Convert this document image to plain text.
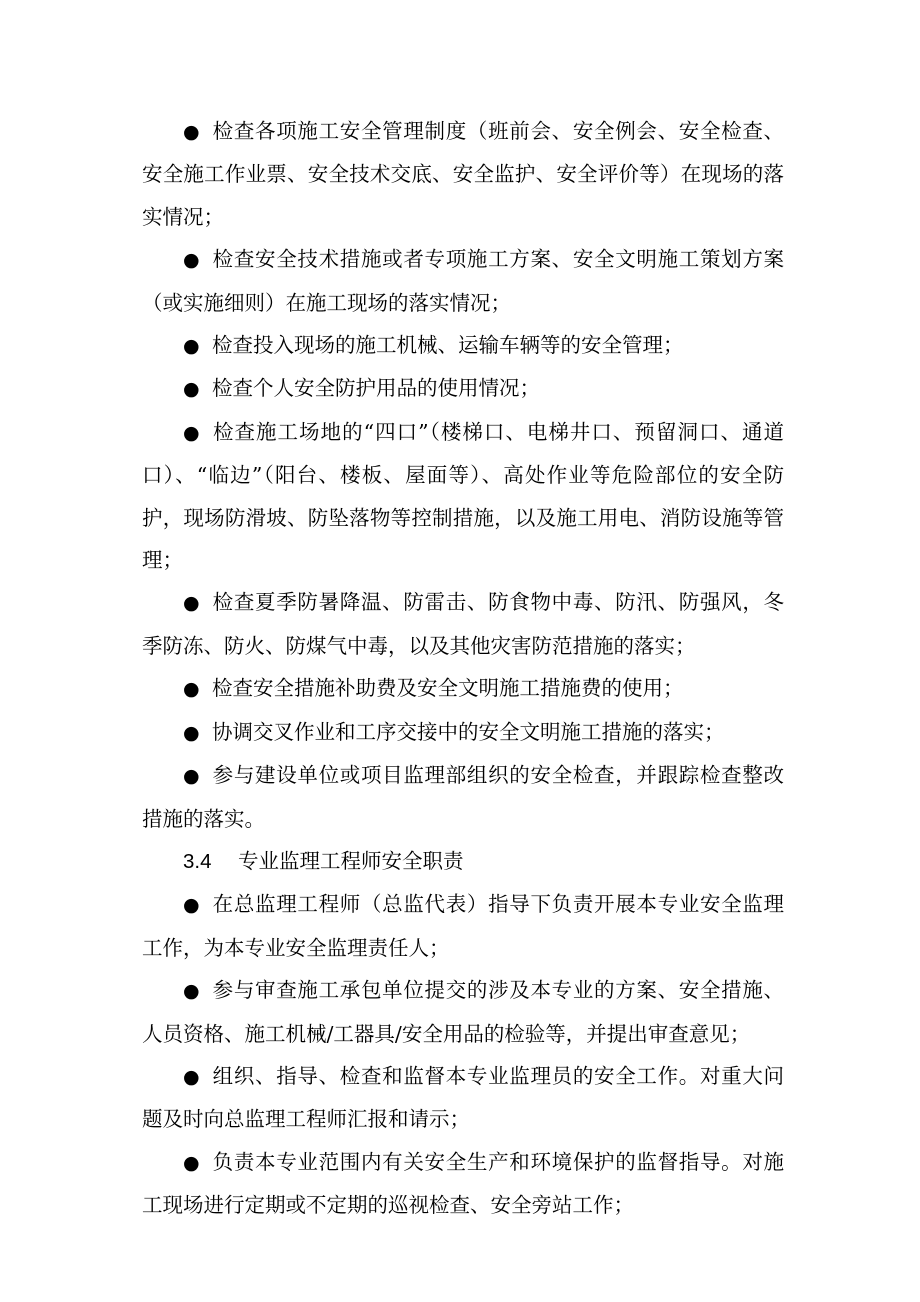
● 检查各项施工安全管理制度（班前会、安全例会、安全检查、安全施工作业票、安全技术交底、安全监护、安全评价等）在现场的落实情况；

● 检查安全技术措施或者专项施工方案、安全文明施工策划方案（或实施细则）在施工现场的落实情况；

● 检查投入现场的施工机械、运输车辆等的安全管理；

● 检查个人安全防护用品的使用情况；

● 检查施工场地的“四口”（楼梯口、电梯井口、预留洞口、通道口）、“临边”（阳台、楼板、屋面等）、高处作业等危险部位的安全防护，现场防滑坡、防坠落物等控制措施，以及施工用电、消防设施等管理；

● 检查夏季防暑降温、防雷击、防食物中毒、防汛、防强风，冬季防冻、防火、防煤气中毒，以及其他灾害防范措施的落实；

● 检查安全措施补助费及安全文明施工措施费的使用；

● 协调交叉作业和工序交接中的安全文明施工措施的落实；

● 参与建设单位或项目监理部组织的安全检查，并跟踪检查整改措施的落实。

3.4 专业监理工程师安全职责

● 在总监理工程师（总监代表）指导下负责开展本专业安全监理工作，为本专业安全监理责任人；

● 参与审查施工承包单位提交的涉及本专业的方案、安全措施、人员资格、施工机械/工器具/安全用品的检验等，并提出审查意见；

● 组织、指导、检查和监督本专业监理员的安全工作。对重大问题及时向总监理工程师汇报和请示；

● 负责本专业范围内有关安全生产和环境保护的监督指导。对施工现场进行定期或不定期的巡视检查、安全旁站工作；
